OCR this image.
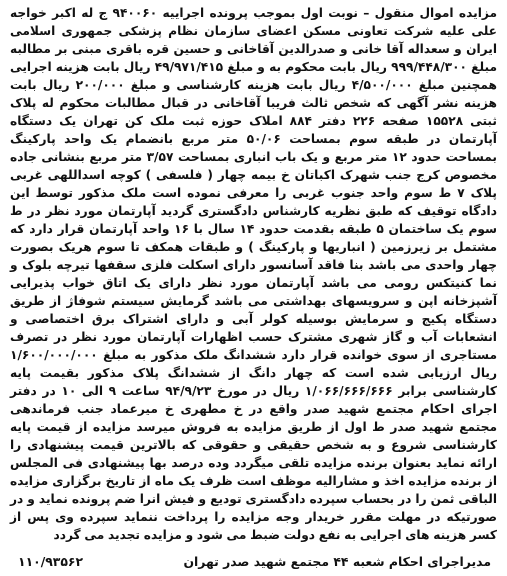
مزایده اموال منقول – نوبت اول بموجب پرونده اجراییه ۹۴۰۰۶۰ ج له اکبر خواجه علی علیه شرکت تعاونی مسکن اعضای سازمان نظام پزشکی جمهوری اسلامی ایران و سعداله آقا خانی و صدرالدین آقاخانی و حسین قره باقری مبنی بر مطالبه مبلغ ۹۹۹/۴۴۸/۳۰۰ ریال بابت محکوم به و مبلغ ۴۹/۹۷۱/۴۱۵ ریال بابت هزینه اجرایی همچنین مبلغ ۴/۵۰۰/۰۰۰ ریال بابت هزینه کارشناسی و مبلغ ۲۰۰/۰۰۰ ریال بابت هزینه نشر آگهی که شخص ثالث فریبا آقاخانی در قبال مطالبات محکوم له پلاک ثبتی ۱۵۵۲۸ صفحه ۲۲۶ دفتر ۸۸۴ املاک حوزه ثبت ملک کن تهران یک دستگاه آپارتمان در طبقه سوم بمساحت ۵۰/۰۶ متر مربع بانضمام یک واحد پارکینگ بمساحت حدود ۱۲ متر مربع و یک باب انباری بمساحت ۳/۵۷ متر مربع بنشانی جاده مخصوص کرج جنب شهرک اکباتان خ بیمه چهار ( فلسفی ) کوچه اسداللهی غربی پلاک ۷ ط سوم واحد جنوب غربی را معرفی نموده است ملک مذکور توسط این دادگاه توقیف که طبق نظریه کارشناس دادگستری گردید آپارتمان مورد نظر در ط سوم یک ساختمان ۵ طبقه بقدمت حدود ۱۴ سال با ۱۶ واحد آپارتمان قرار دارد که مشتمل بر زیرزمین ( انباریها و پارکینگ ) و طبقات همکف تا سوم هریک بصورت چهار واحدی می باشد بنا فاقد آسانسور دارای اسکلت فلزی سقفها تیرچه بلوک و نما کنیتکس رومی می باشد آپارتمان مورد نظر دارای یک اتاق خواب پذیرایی آشپزخانه اپن و سرویسهای بهداشتی می باشد گرمایش سیستم شوفاژ از طریق دستگاه پکیج و سرمایش بوسیله کولر آبی و دارای اشتراک برق اختصاصی و انشعابات آب و گاز شهری مشترک حسب اظهارات آپارتمان مورد نظر در تصرف مستاجری از سوی خوانده قرار دارد ششدانگ ملک مذکور به مبلغ ۱/۶۰۰/۰۰۰/۰۰۰ ریال ارزیابی شده است که چهار دانگ از ششدانگ پلاک مذکور بقیمت پایه کارشناسی برابر ۱/۰۶۶/۶۶۶/۶۶۶ ریال در مورخ ۹۴/۹/۲۳ ساعت ۹ الی ۱۰ در دفتر اجرای احکام مجتمع شهید صدر واقع در خ مطهری خ میرعماد جنب فرماندهی مجتمع شهید صدر ط اول از طریق مزایده به فروش میرسد مزایده از قیمت پایه کارشناسی شروع و به شخص حقیقی و حقوقی که بالاترین قیمت پیشنهادی را ارائه نماید بعنوان برنده مزایده تلقی میگردد وده درصد بها پیشنهادی فی المجلس از برنده مزایده اخذ و مشارالیه موظف است ظرف یک ماه از تاریخ برگزاری مزایده الباقی ثمن را در بحساب سپرده دادگستری تودیع و فیش انرا ضم پرونده نماید و در صورتیکه در مهلت مقرر خریدار وجه مزایده را پرداخت ننماید سپرده وی پس از کسر هزینه های اجرایی به نفع دولت ضبط می شود و مزایده تجدید می گردد

مدیراجرای احکام شعبه ۴۴ مجتمع شهید صدر تهران
۱۱۰/۹۳۵۶۲
